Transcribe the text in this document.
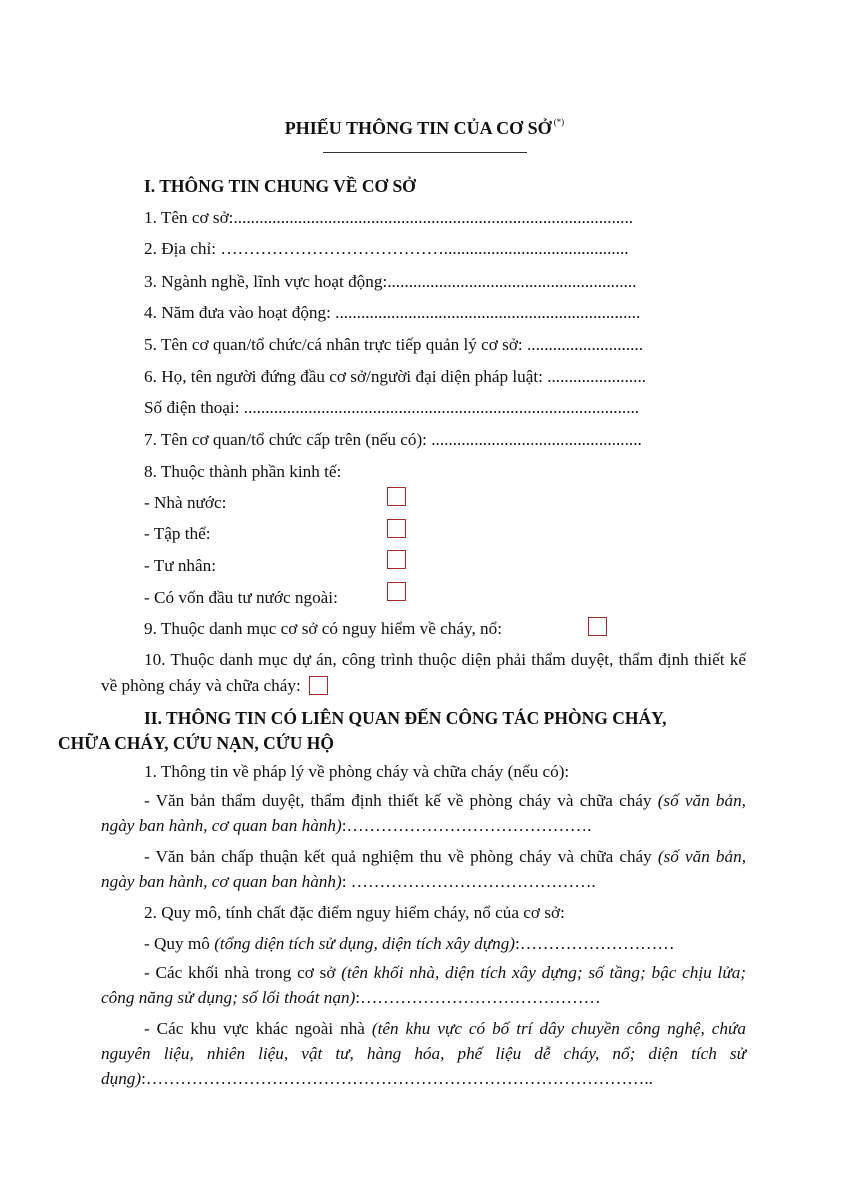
PHIẾU THÔNG TIN CỦA CƠ SỞ (*)
I. THÔNG TIN CHUNG VỀ CƠ SỞ
1. Tên cơ sở:.............................................................................................
2. Địa chỉ: …………………………………...........................................
3. Ngành nghề, lĩnh vực hoạt động:..........................................................
4. Năm đưa vào hoạt động: .......................................................................
5. Tên cơ quan/tổ chức/cá nhân trực tiếp quản lý cơ sở: ...........................
6. Họ, tên người đứng đầu cơ sở/người đại diện pháp luật: .......................
Số điện thoại: ............................................................................................
7. Tên cơ quan/tổ chức cấp trên (nếu có): .................................................
8. Thuộc thành phần kinh tế:
- Nhà nước:
- Tập thể:
- Tư nhân:
- Có vốn đầu tư nước ngoài:
9. Thuộc danh mục cơ sở có nguy hiểm về cháy, nổ:
10. Thuộc danh mục dự án, công trình thuộc diện phải thẩm duyệt, thẩm định thiết kế về phòng cháy và chữa cháy:
II. THÔNG TIN CÓ LIÊN QUAN ĐẾN CÔNG TÁC PHÒNG CHÁY,
CHỮA CHÁY, CỨU NẠN, CỨU HỘ
1. Thông tin về pháp lý về phòng cháy và chữa cháy (nếu có):
- Văn bản thẩm duyệt, thẩm định thiết kế về phòng cháy và chữa cháy (số văn bản, ngày ban hành, cơ quan ban hành):…………………………………….
- Văn bản chấp thuận kết quả nghiệm thu về phòng cháy và chữa cháy (số văn bản, ngày ban hành, cơ quan ban hành): …………………………………….
2. Quy mô, tính chất đặc điểm nguy hiểm cháy, nổ của cơ sở:
- Quy mô (tổng diện tích sử dụng, diện tích xây dựng):………………………
- Các khối nhà trong cơ sở (tên khối nhà, diện tích xây dựng; số tầng; bậc chịu lửa; công năng sử dụng; số lối thoát nạn):……………………………………
- Các khu vực khác ngoài nhà (tên khu vực có bố trí dây chuyền công nghệ, chứa nguyên liệu, nhiên liệu, vật tư, hàng hóa, phế liệu dễ cháy, nổ; diện tích sử dụng):……………………………………………………………………………..
